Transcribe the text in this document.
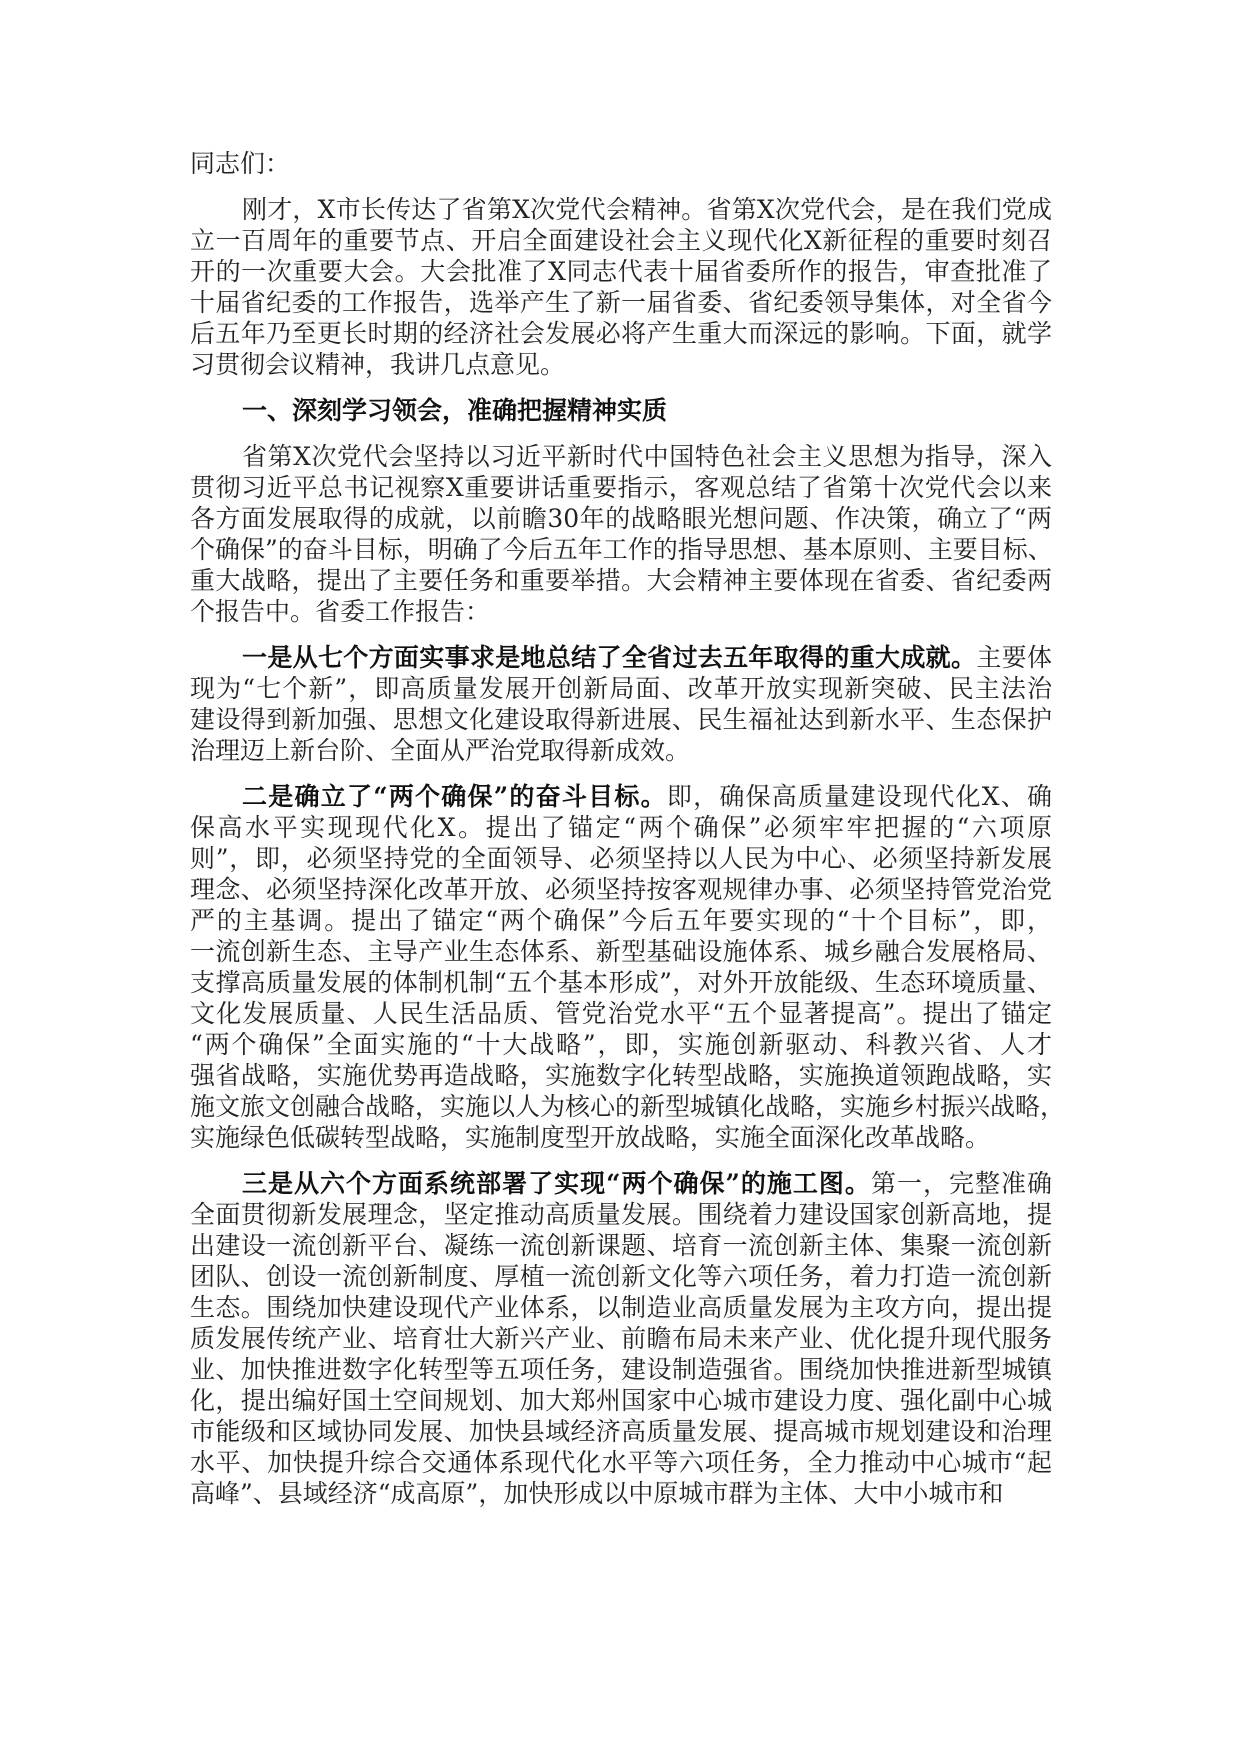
同志们：
刚才，X市长传达了省第X次党代会精神。省第X次党代会，是在我们党成
立一百周年的重要节点、开启全面建设社会主义现代化X新征程的重要时刻召
开的一次重要大会。大会批准了X同志代表十届省委所作的报告，审查批准了
十届省纪委的工作报告，选举产生了新一届省委、省纪委领导集体，对全省今
后五年乃至更长时期的经济社会发展必将产生重大而深远的影响。下面，就学
习贯彻会议精神，我讲几点意见。
一、深刻学习领会，准确把握精神实质
省第X次党代会坚持以习近平新时代中国特色社会主义思想为指导，深入
贯彻习近平总书记视察X重要讲话重要指示，客观总结了省第十次党代会以来
各方面发展取得的成就，以前瞻30年的战略眼光想问题、作决策，确立了“两
个确保”的奋斗目标，明确了今后五年工作的指导思想、基本原则、主要目标、
重大战略，提出了主要任务和重要举措。大会精神主要体现在省委、省纪委两
个报告中。省委工作报告：
一是从七个方面实事求是地总结了全省过去五年取得的重大成就。主要体
现为“七个新”，即高质量发展开创新局面、改革开放实现新突破、民主法治
建设得到新加强、思想文化建设取得新进展、民生福祉达到新水平、生态保护
治理迈上新台阶、全面从严治党取得新成效。
二是确立了“两个确保”的奋斗目标。即，确保高质量建设现代化X、确
保高水平实现现代化X。提出了锚定“两个确保”必须牢牢把握的“六项原
则”，即，必须坚持党的全面领导、必须坚持以人民为中心、必须坚持新发展
理念、必须坚持深化改革开放、必须坚持按客观规律办事、必须坚持管党治党
严的主基调。提出了锚定“两个确保”今后五年要实现的“十个目标”，即，
一流创新生态、主导产业生态体系、新型基础设施体系、城乡融合发展格局、
支撑高质量发展的体制机制“五个基本形成”，对外开放能级、生态环境质量、
文化发展质量、人民生活品质、管党治党水平“五个显著提高”。提出了锚定
“两个确保”全面实施的“十大战略”，即，实施创新驱动、科教兴省、人才
强省战略，实施优势再造战略，实施数字化转型战略，实施换道领跑战略，实
施文旅文创融合战略，实施以人为核心的新型城镇化战略，实施乡村振兴战略，
实施绿色低碳转型战略，实施制度型开放战略，实施全面深化改革战略。
三是从六个方面系统部署了实现“两个确保”的施工图。第一，完整准确
全面贯彻新发展理念，坚定推动高质量发展。围绕着力建设国家创新高地，提
出建设一流创新平台、凝练一流创新课题、培育一流创新主体、集聚一流创新
团队、创设一流创新制度、厚植一流创新文化等六项任务，着力打造一流创新
生态。围绕加快建设现代产业体系，以制造业高质量发展为主攻方向，提出提
质发展传统产业、培育壮大新兴产业、前瞻布局未来产业、优化提升现代服务
业、加快推进数字化转型等五项任务，建设制造强省。围绕加快推进新型城镇
化，提出编好国土空间规划、加大郑州国家中心城市建设力度、强化副中心城
市能级和区域协同发展、加快县域经济高质量发展、提高城市规划建设和治理
水平、加快提升综合交通体系现代化水平等六项任务，全力推动中心城市“起
高峰”、县域经济“成高原”，加快形成以中原城市群为主体、大中小城市和
